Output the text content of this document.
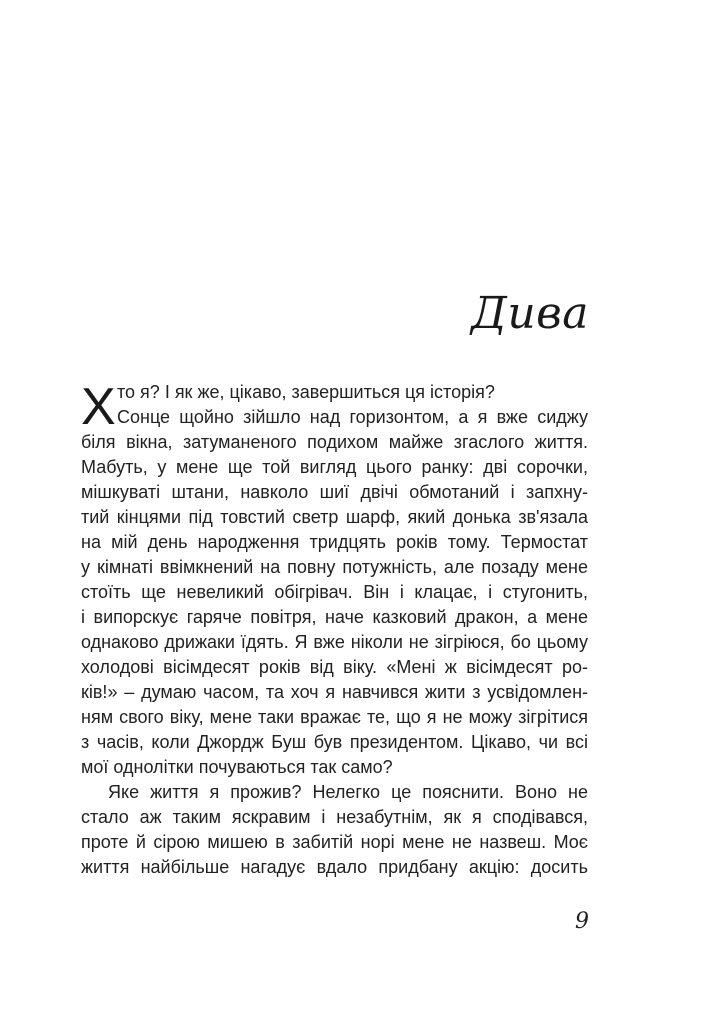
Дива
Х то я? І як же, цікаво, завершиться ця історія?
Сонце щойно зійшло над горизонтом, а я вже сиджу
біля вікна, затуманеного подихом майже згаслого життя.
Мабуть, у мене ще той вигляд цього ранку: дві сорочки,
мішкуваті штани, навколо шиї двічі обмотаний і запхну-
тий кінцями під товстий светр шарф, який донька зв'язала
на мій день народження тридцять років тому. Термостат
у кімнаті ввімкнений на повну потужність, але позаду мене
стоїть ще невеликий обігрівач. Він і клацає, і стугонить,
і випорскує гаряче повітря, наче казковий дракон, а мене
однаково дрижаки їдять. Я вже ніколи не зігріюся, бо цьому
холодові вісімдесят років від віку. «Мені ж вісімдесят ро-
ків!» – думаю часом, та хоч я навчився жити з усвідомлен-
ням свого віку, мене таки вражає те, що я не можу зігрітися
з часів, коли Джордж Буш був президентом. Цікаво, чи всі
мої однолітки почуваються так само?
Яке життя я прожив? Нелегко це пояснити. Воно не
стало аж таким яскравим і незабутнім, як я сподівався,
проте й сірою мишею в забитій норі мене не назвеш. Моє
життя найбільше нагадує вдало придбану акцію: досить
9
